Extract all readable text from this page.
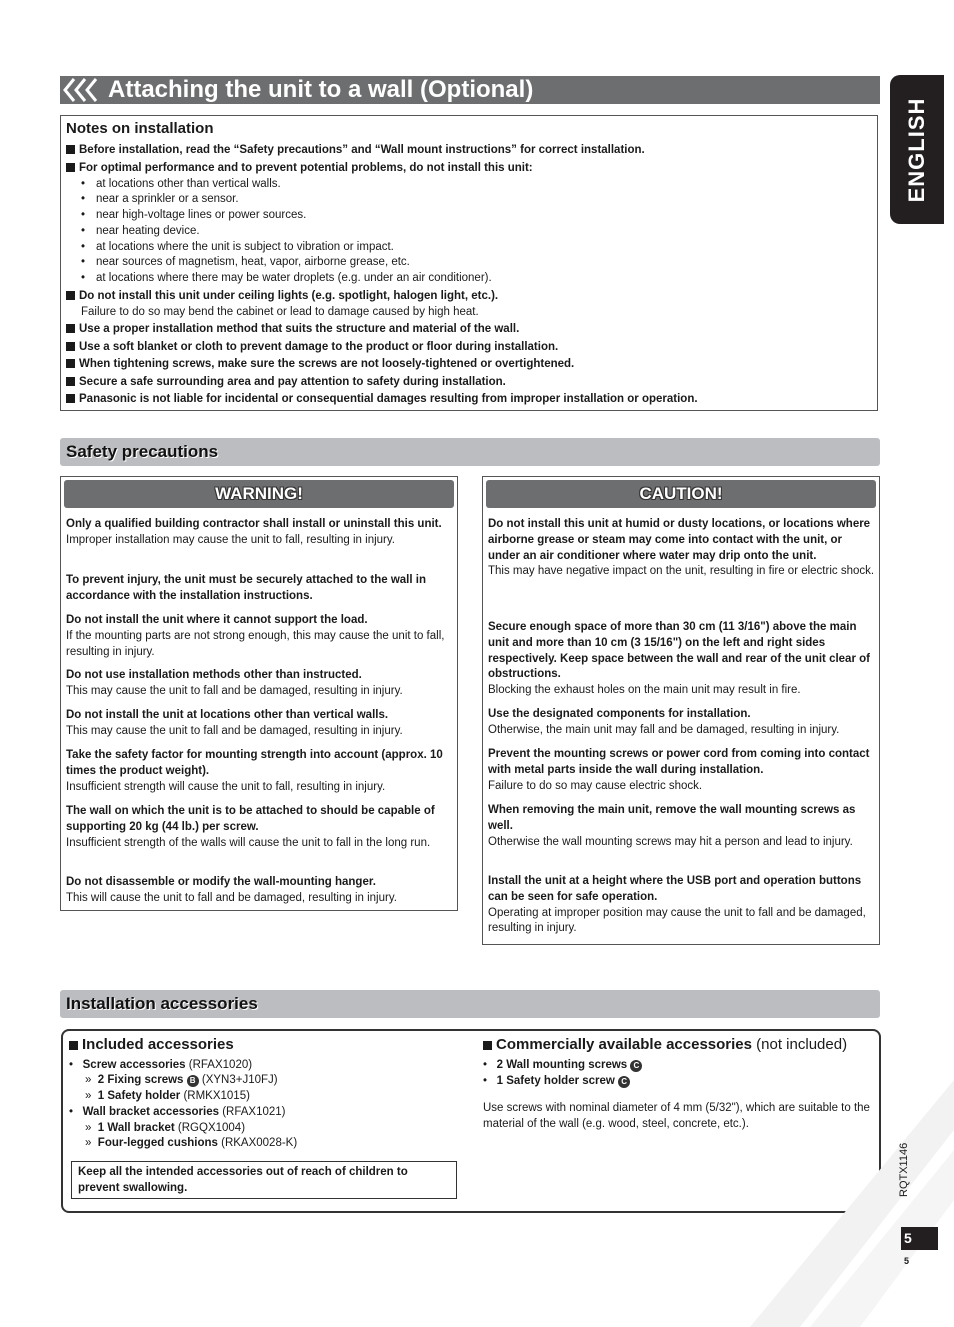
Attaching the unit to a wall (Optional)
ENGLISH
Notes on installation
Before installation, read the “Safety precautions” and “Wall mount instructions” for correct installation.
For optimal performance and to prevent potential problems, do not install this unit:
• at locations other than vertical walls.
• near a sprinkler or a sensor.
• near high-voltage lines or power sources.
• near heating device.
• at locations where the unit is subject to vibration or impact.
• near sources of magnetism, heat, vapor, airborne grease, etc.
• at locations where there may be water droplets (e.g. under an air conditioner).
Do not install this unit under ceiling lights (e.g. spotlight, halogen light, etc.).
Failure to do so may bend the cabinet or lead to damage caused by high heat.
Use a proper installation method that suits the structure and material of the wall.
Use a soft blanket or cloth to prevent damage to the product or floor during installation.
When tightening screws, make sure the screws are not loosely-tightened or overtightened.
Secure a safe surrounding area and pay attention to safety during installation.
Panasonic is not liable for incidental or consequential damages resulting from improper installation or operation.
Safety precautions
WARNING!
Only a qualified building contractor shall install or uninstall this unit.
Improper installation may cause the unit to fall, resulting in injury.
To prevent injury, the unit must be securely attached to the wall in accordance with the installation instructions.
Do not install the unit where it cannot support the load.
If the mounting parts are not strong enough, this may cause the unit to fall, resulting in injury.
Do not use installation methods other than instructed.
This may cause the unit to fall and be damaged, resulting in injury.
Do not install the unit at locations other than vertical walls.
This may cause the unit to fall and be damaged, resulting in injury.
Take the safety factor for mounting strength into account (approx. 10 times the product weight).
Insufficient strength will cause the unit to fall, resulting in injury.
The wall on which the unit is to be attached to should be capable of supporting 20 kg (44 lb.) per screw.
Insufficient strength of the walls will cause the unit to fall in the long run.
Do not disassemble or modify the wall-mounting hanger.
This will cause the unit to fall and be damaged, resulting in injury.
CAUTION!
Do not install this unit at humid or dusty locations, or locations where airborne grease or steam may come into contact with the unit, or under an air conditioner where water may drip onto the unit.
This may have negative impact on the unit, resulting in fire or electric shock.
Secure enough space of more than 30 cm (11 3/16") above the main unit and more than 10 cm (3 15/16") on the left and right sides respectively. Keep space between the wall and rear of the unit clear of obstructions.
Blocking the exhaust holes on the main unit may result in fire.
Use the designated components for installation.
Otherwise, the main unit may fall and be damaged, resulting in injury.
Prevent the mounting screws or power cord from coming into contact with metal parts inside the wall during installation.
Failure to do so may cause electric shock.
When removing the main unit, remove the wall mounting screws as well.
Otherwise the wall mounting screws may hit a person and lead to injury.
Install the unit at a height where the USB port and operation buttons can be seen for safe operation.
Operating at improper position may cause the unit to fall and be damaged, resulting in injury.
Installation accessories
Included accessories
•   Screw accessories (RFAX1020)
»  2 Fixing screws B (XYN3+J10FJ)
»  1 Safety holder (RMKX1015)
•   Wall bracket accessories (RFAX1021)
»  1 Wall bracket (RGQX1004)
»  Four-legged cushions (RKAX0028-K)
Keep all the intended accessories out of reach of children to prevent swallowing.
Commercially available accessories (not included)
•   2 Wall mounting screws C
•   1 Safety holder screw C
Use screws with nominal diameter of 4 mm (5/32"), which are suitable to the material of the wall (e.g. wood, steel, concrete, etc.).
RQTX1146
5
5
